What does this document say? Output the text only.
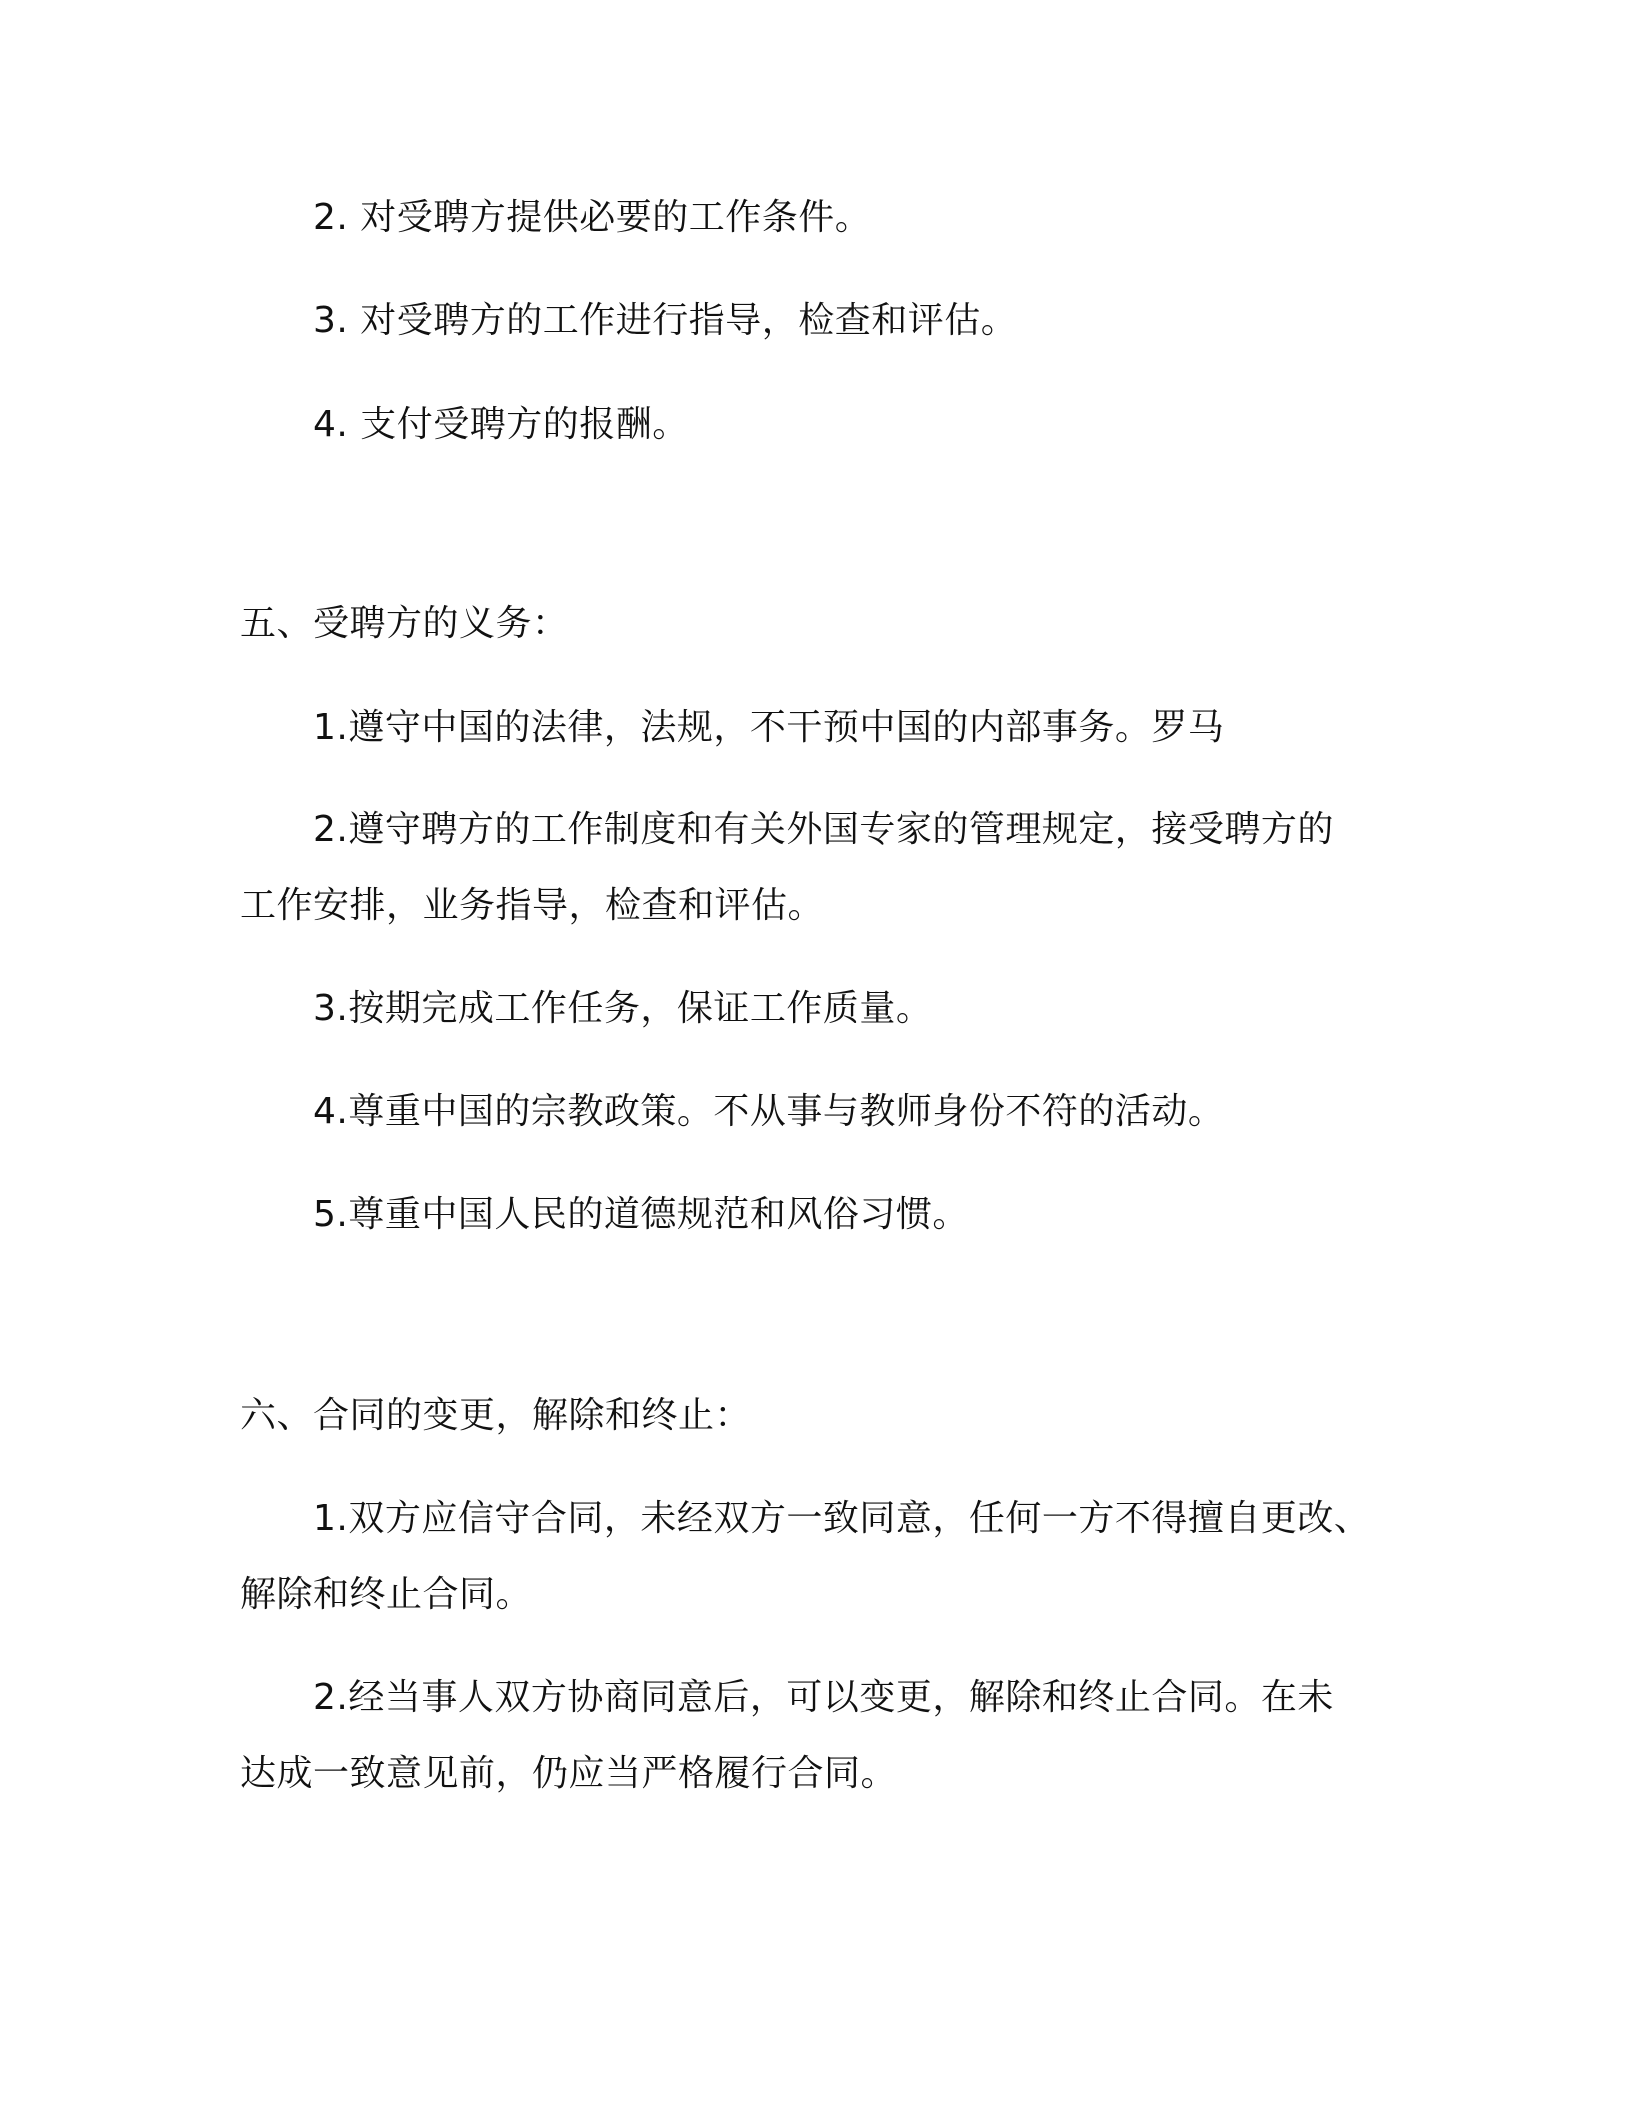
2. 对受聘方提供必要的工作条件。
3. 对受聘方的工作进行指导，检查和评估。
4. 支付受聘方的报酬。
五、受聘方的义务：
1.遵守中国的法律，法规，不干预中国的内部事务。罗马
2.遵守聘方的工作制度和有关外国专家的管理规定，接受聘方的
工作安排，业务指导，检查和评估。
3.按期完成工作任务，保证工作质量。
4.尊重中国的宗教政策。不从事与教师身份不符的活动。
5.尊重中国人民的道德规范和风俗习惯。
六、合同的变更，解除和终止：
1.双方应信守合同，未经双方一致同意，任何一方不得擅自更改、
解除和终止合同。
2.经当事人双方协商同意后，可以变更，解除和终止合同。在未
达成一致意见前，仍应当严格履行合同。
